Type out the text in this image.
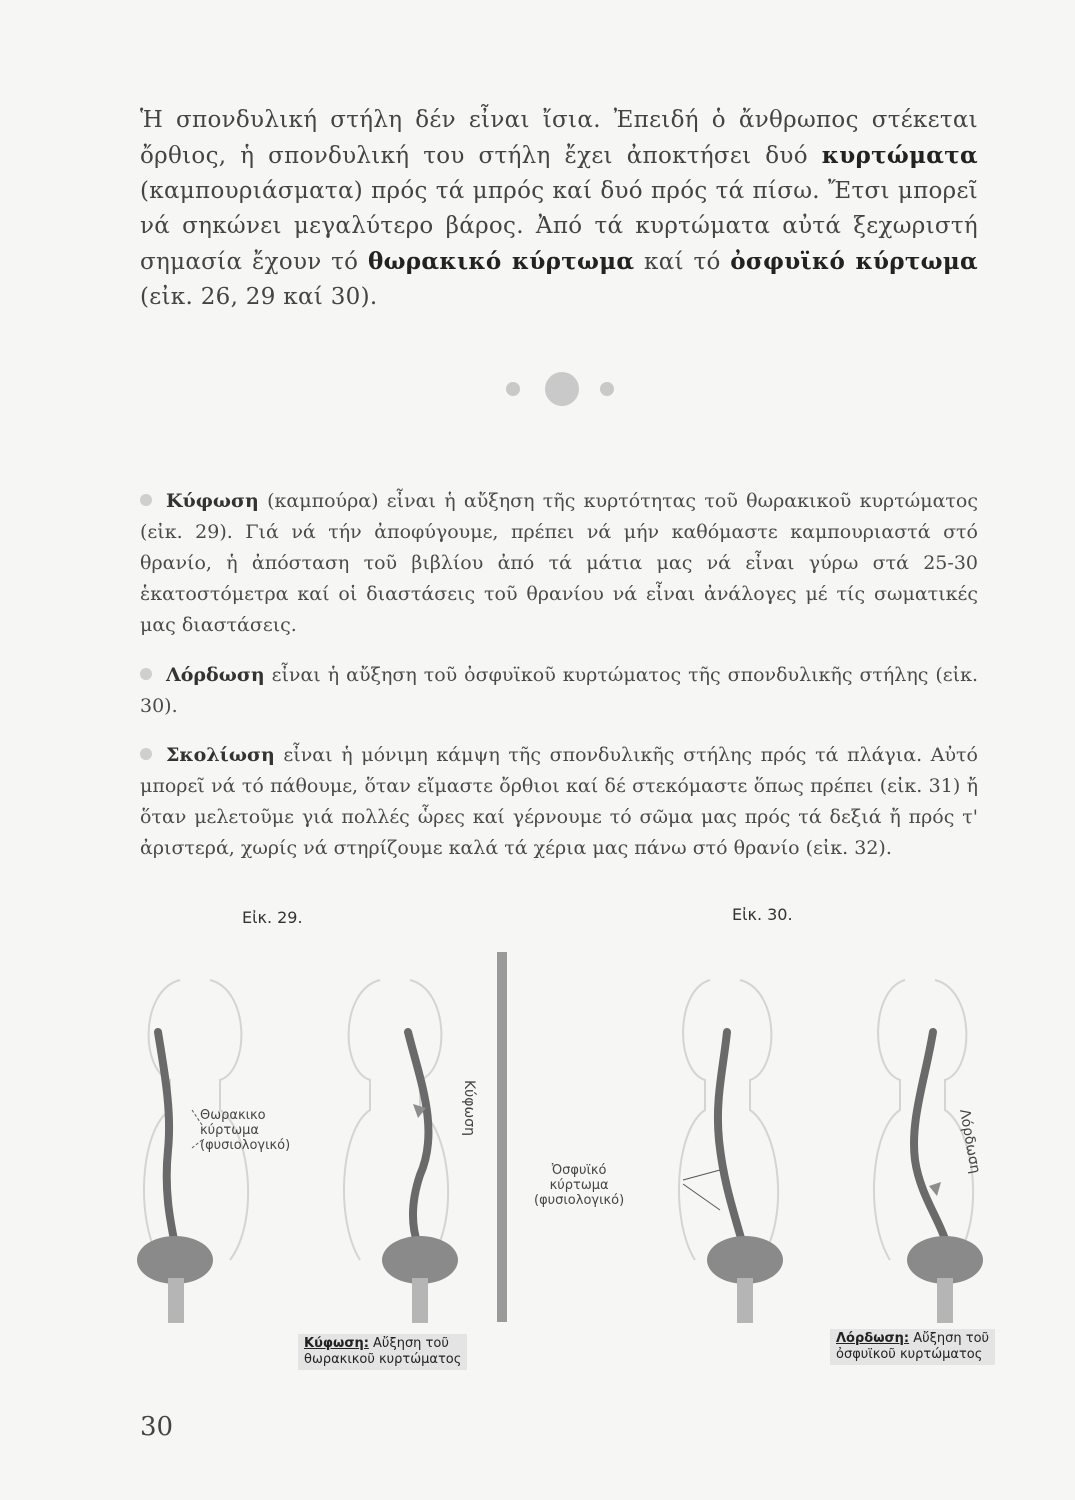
Ἡ σπονδυλική στήλη δέν εἶναι ἴσια. Ἐπειδή ὁ ἄνθρωπος στέκεται ὄρθιος, ἡ σπονδυλική του στήλη ἔχει ἀποκτήσει δυό κυρτώματα (καμπουριάσματα) πρός τά μπρός καί δυό πρός τά πίσω. Ἔτσι μπορεῖ νά σηκώνει μεγαλύτερο βάρος. Ἀπό τά κυρτώματα αὐτά ξεχωριστή σημασία ἔχουν τό θωρακικό κύρτωμα καί τό ὀσφυϊκό κύρτωμα (εἰκ. 26, 29 καί 30).
Κύφωση (καμπούρα) εἶναι ἡ αὔξηση τῆς κυρτότητας τοῦ θωρακικοῦ κυρτώματος (εἰκ. 29). Γιά νά τήν ἀποφύγουμε, πρέπει νά μήν καθόμαστε καμπουριαστά στό θρανίο, ἡ ἀπόσταση τοῦ βιβλίου ἀπό τά μάτια μας νά εἶναι γύρω στά 25-30 ἑκατοστόμετρα καί οἱ διαστάσεις τοῦ θρανίου νά εἶναι ἀνάλογες μέ τίς σωματικές μας διαστάσεις.
Λόρδωση εἶναι ἡ αὔξηση τοῦ ὀσφυϊκοῦ κυρτώματος τῆς σπονδυλικῆς στήλης (εἰκ. 30).
Σκολίωση εἶναι ἡ μόνιμη κάμψη τῆς σπονδυλικῆς στήλης πρός τά πλάγια. Αὐτό μπορεῖ νά τό πάθουμε, ὅταν εἴμαστε ὄρθιοι καί δέ στεκόμαστε ὅπως πρέπει (εἰκ. 31) ἤ ὅταν μελετοῦμε γιά πολλές ὧρες καί γέρνουμε τό σῶμα μας πρός τά δεξιά ἤ πρός τ' ἀριστερά, χωρίς νά στηρίζουμε καλά τά χέρια μας πάνω στό θρανίο (εἰκ. 32).
Εἰκ. 29.	Εἰκ. 30.
Κύφωση	Λόρδωση
Θωρακικο
κύρτωμα
(φυσιολογικό)
Ὀσφυϊκό
κύρτωμα
(φυσιολογικό)
Κύφωση: Αὔξηση τοῦ
θωρακικοῦ κυρτώματος
Λόρδωση: Αὔξηση τοῦ
ὀσφυϊκοῦ κυρτώματος
30
